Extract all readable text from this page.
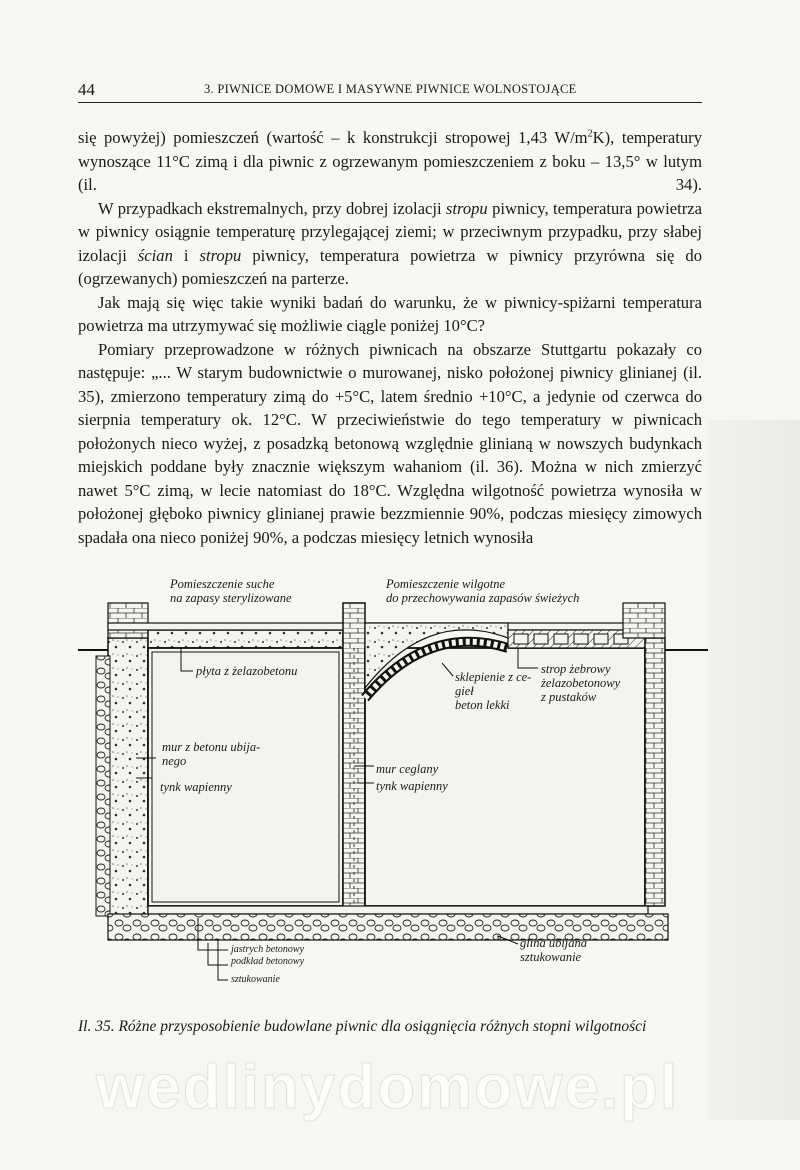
44	3. PIWNICE DOMOWE I MASYWNE PIWNICE WOLNOSTOJĄCE

się powyżej) pomieszczeń (wartość – k konstrukcji stropowej 1,43 $W/m^2K$), temperatury wynoszące 11°C zimą i dla piwnic z ogrzewanym pomieszczeniem z boku – 13,5° w lutym (il. 34).

W przypadkach ekstremalnych, przy dobrej izolacji stropu piwnicy, temperatura powietrza w piwnicy osiągnie temperaturę przylegającej ziemi; w przeciwnym przypadku, przy słabej izolacji ścian i stropu piwnicy, temperatura powietrza w piwnicy przyrówna się do (ogrzewanych) pomieszczeń na parterze.

Jak mają się więc takie wyniki badań do warunku, że w piwnicy-spiżarni temperatura powietrza ma utrzymywać się możliwie ciągle poniżej 10°C?

Pomiary przeprowadzone w różnych piwnicach na obszarze Stuttgartu pokazały co następuje: „... W starym budownictwie o murowanej, nisko położonej piwnicy glinianej (il. 35), zmierzono temperatury zimą do +5°C, latem średnio +10°C, a jedynie od czerwca do sierpnia temperatury ok. 12°C. W przeciwieństwie do tego temperatury w piwnicach położonych nieco wyżej, z posadzką betonową względnie glinianą w nowszych budynkach miejskich poddane były znacznie większym wahaniom (il. 36). Można w nich zmierzyć nawet 5°C zimą, w lecie natomiast do 18°C. Względna wilgotność powietrza wynosiła w położonej głęboko piwnicy glinianej prawie bezzmiennie 90%, podczas miesięcy zimowych spadała ona nieco poniżej 90%, a podczas miesięcy letnich wynosiła

Pomieszczenie suche
na zapasy sterylizowane
Pomieszczenie wilgotne
do przechowywania zapasów świeżych
płyta z żelazobetonu
mur z betonu ubija-
nego
tynk wapienny
mur ceglany
tynk wapienny
sklepienie z ce-
gieł
beton lekki
strop żebrowy
żelazobetonowy
z pustaków
jastrych betonowy
podkład betonowy
sztukowanie
glina ubijana
sztukowanie
Il. 35. Różne przysposobienie budowlane piwnic dla osiągnięcia różnych stopni wilgotności
wedlinydomowe.pl
